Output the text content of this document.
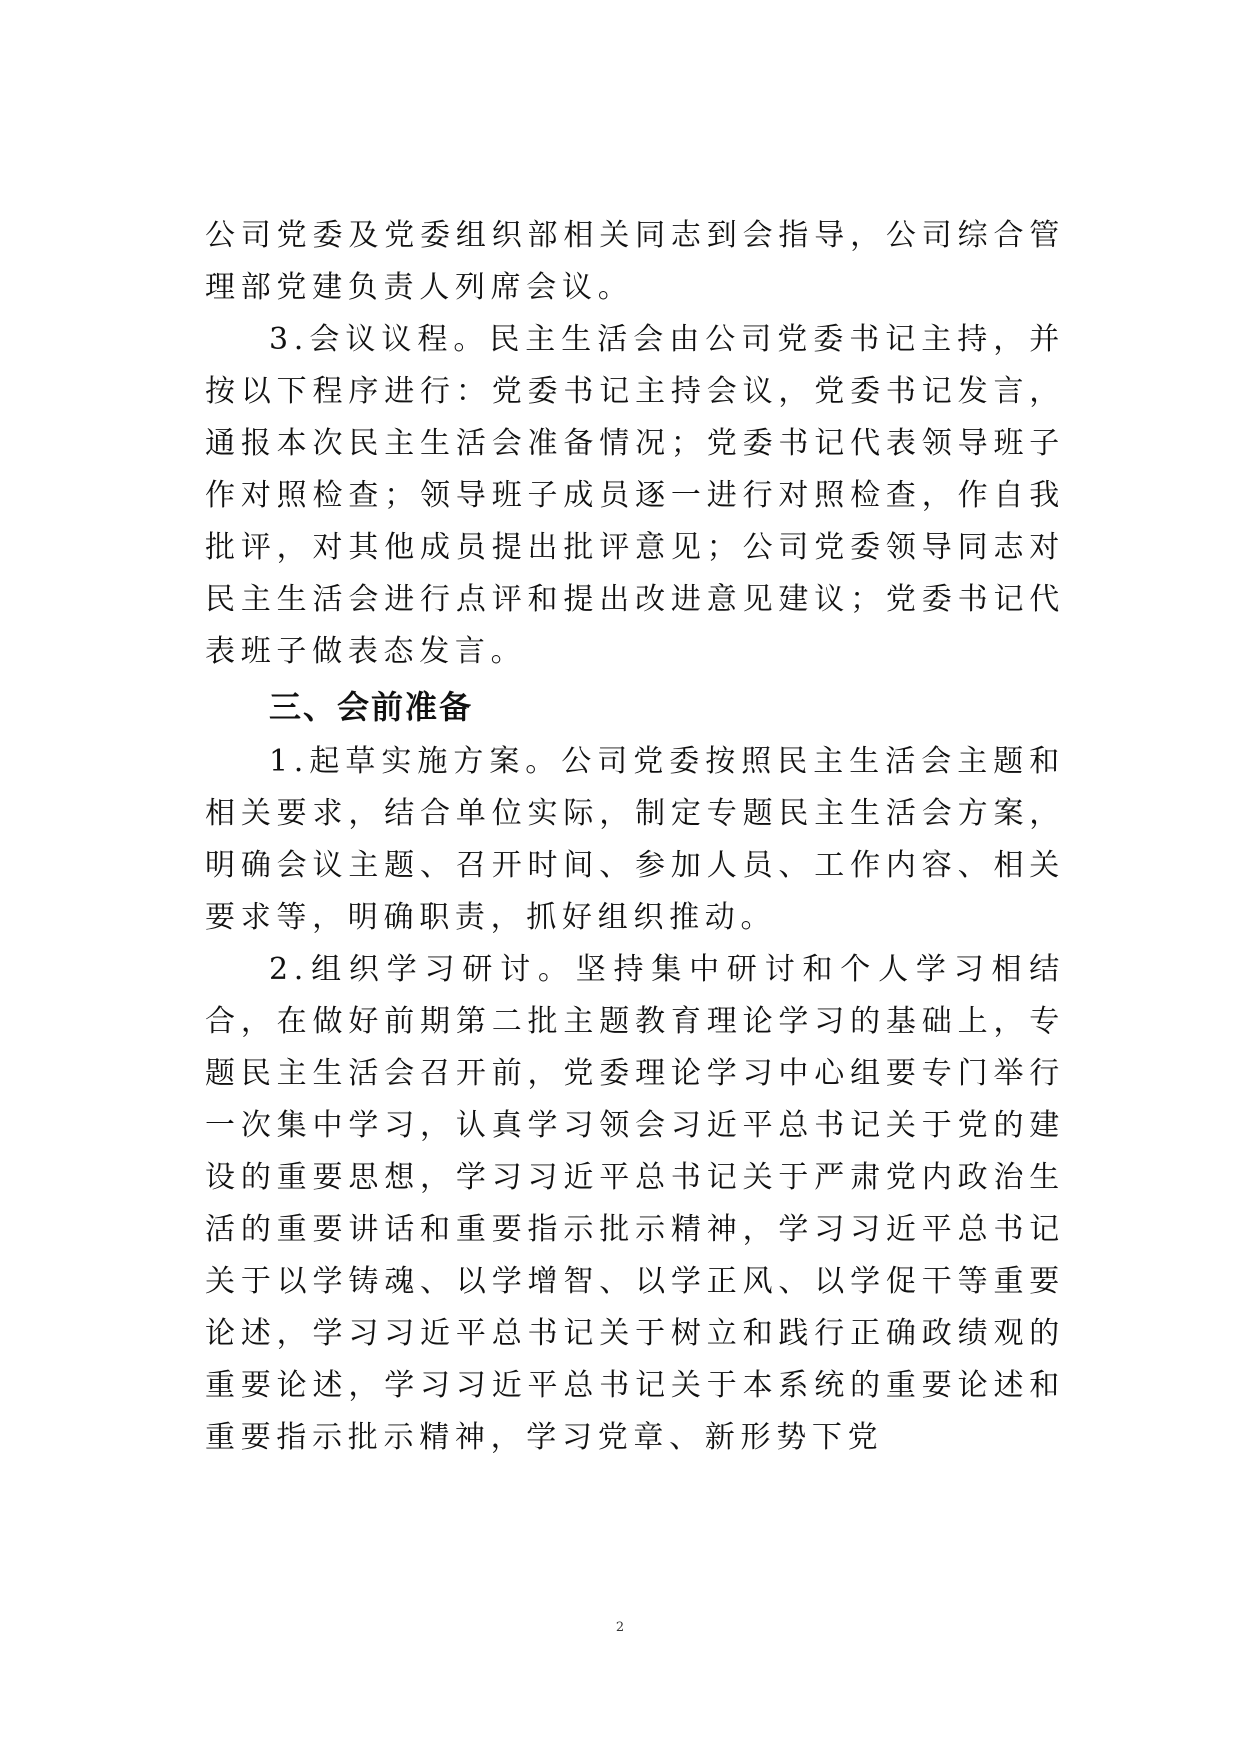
公司党委及党委组织部相关同志到会指导，公司综合管理部党建负责人列席会议。

3.会议议程。民主生活会由公司党委书记主持，并按以下程序进行：党委书记主持会议，党委书记发言，通报本次民主生活会准备情况；党委书记代表领导班子作对照检查；领导班子成员逐一进行对照检查，作自我批评，对其他成员提出批评意见；公司党委领导同志对民主生活会进行点评和提出改进意见建议；党委书记代表班子做表态发言。

三、会前准备

1.起草实施方案。公司党委按照民主生活会主题和相关要求，结合单位实际，制定专题民主生活会方案，明确会议主题、召开时间、参加人员、工作内容、相关要求等，明确职责，抓好组织推动。

2.组织学习研讨。坚持集中研讨和个人学习相结合，在做好前期第二批主题教育理论学习的基础上，专题民主生活会召开前，党委理论学习中心组要专门举行一次集中学习，认真学习领会习近平总书记关于党的建设的重要思想，学习习近平总书记关于严肃党内政治生活的重要讲话和重要指示批示精神，学习习近平总书记关于以学铸魂、以学增智、以学正风、以学促干等重要论述，学习习近平总书记关于树立和践行正确政绩观的重要论述，学习习近平总书记关于本系统的重要论述和重要指示批示精神，学习党章、新形势下党

2
